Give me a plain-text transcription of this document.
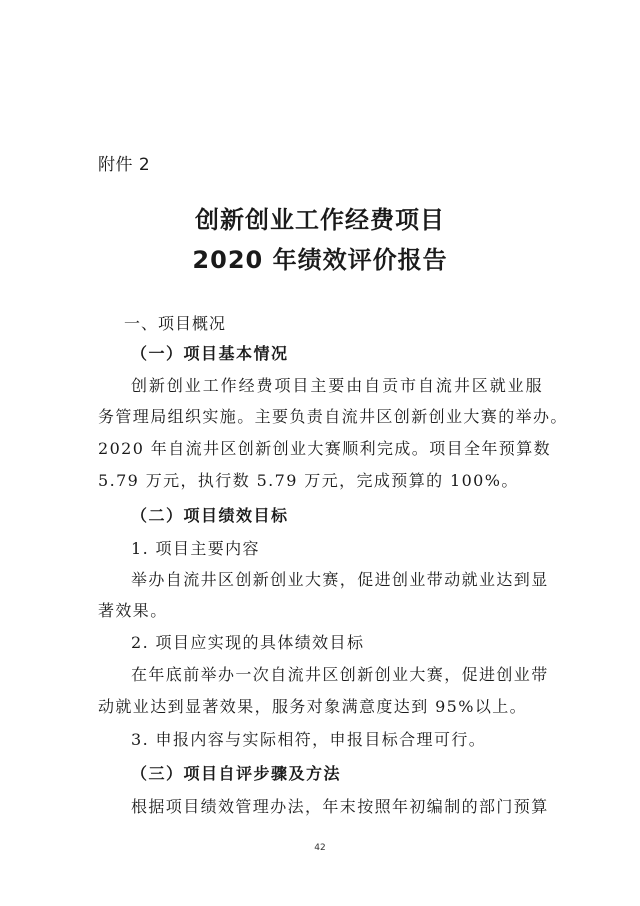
附件 2
创新创业工作经费项目
2020 年绩效评价报告
一、项目概况
（一）项目基本情况
创新创业工作经费项目主要由自贡市自流井区就业服
务管理局组织实施。主要负责自流井区创新创业大赛的举办。
2020 年自流井区创新创业大赛顺利完成。项目全年预算数
5.79 万元，执行数 5.79 万元，完成预算的 100%。
（二）项目绩效目标
1. 项目主要内容
举办自流井区创新创业大赛，促进创业带动就业达到显
著效果。
2. 项目应实现的具体绩效目标
在年底前举办一次自流井区创新创业大赛，促进创业带
动就业达到显著效果，服务对象满意度达到 95%以上。
3. 申报内容与实际相符，申报目标合理可行。
（三）项目自评步骤及方法
根据项目绩效管理办法，年末按照年初编制的部门预算
42
